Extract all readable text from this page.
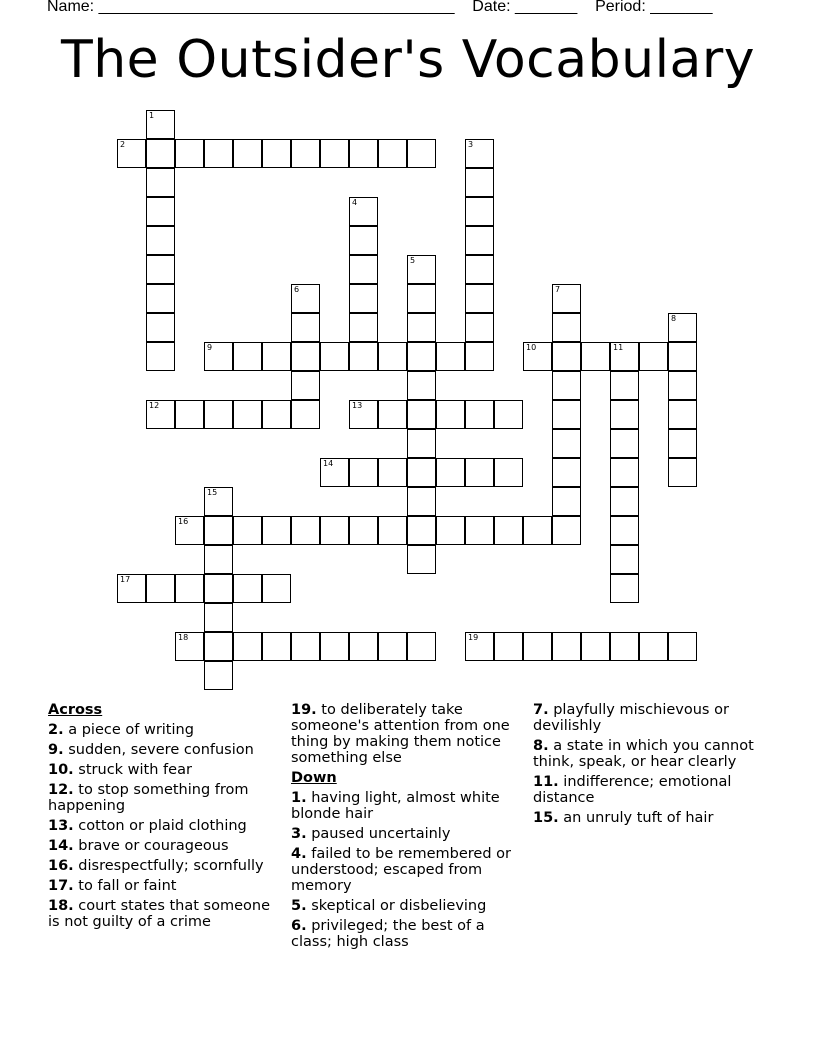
Name: ________________________________________ Date: _______ Period: _______
The Outsider's Vocabulary
1
2	3
4
5
6	7
8
9	10	11
12	13
14
15
16
17
18	19
Across
2. a piece of writing
9. sudden, severe confusion
10. struck with fear
12. to stop something from happening
13. cotton or plaid clothing
14. brave or courageous
16. disrespectfully; scornfully
17. to fall or faint
18. court states that someone is not guilty of a crime
19. to deliberately take someone's attention from one thing by making them notice something else
Down
1. having light, almost white blonde hair
3. paused uncertainly
4. failed to be remembered or understood; escaped from memory
5. skeptical or disbelieving
6. privileged; the best of a class; high class
7. playfully mischievous or devilishly
8. a state in which you cannot think, speak, or hear clearly
11. indifference; emotional distance
15. an unruly tuft of hair
